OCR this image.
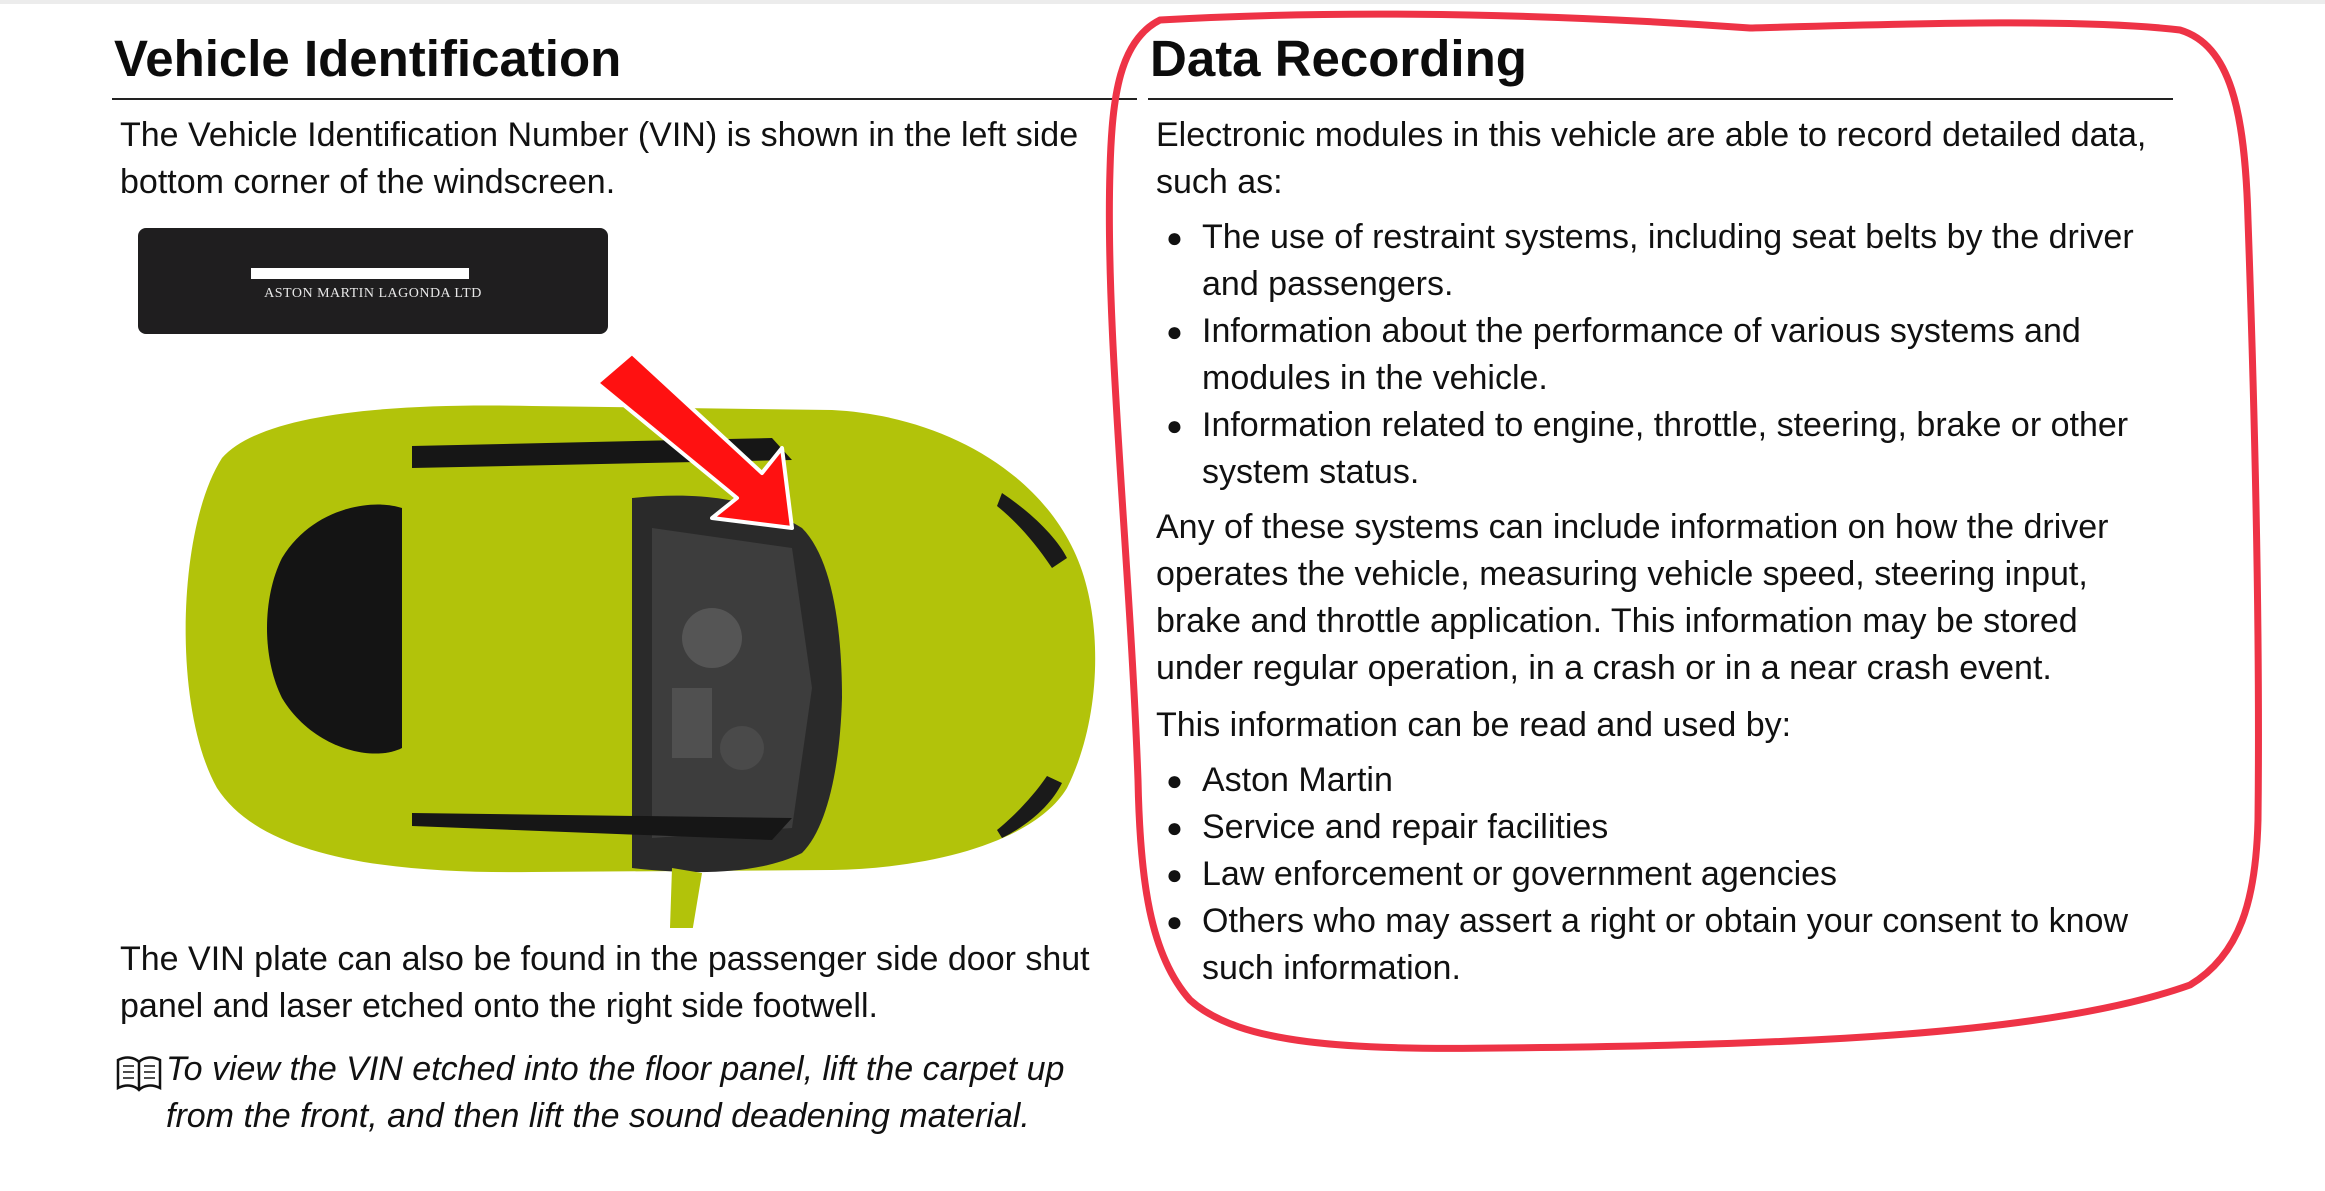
Vehicle Identification

The Vehicle Identification Number (VIN) is shown in the left side bottom corner of the windscreen.

ASTON MARTIN LAGONDA LTD

The VIN plate can also be found in the passenger side door shut panel and laser etched onto the right side footwell.

To view the VIN etched into the floor panel, lift the carpet up from the front, and then lift the sound deadening material.

Data Recording

Electronic modules in this vehicle are able to record detailed data, such as:

● The use of restraint systems, including seat belts by the driver and passengers.
● Information about the performance of various systems and modules in the vehicle.
● Information related to engine, throttle, steering, brake or other system status.

Any of these systems can include information on how the driver operates the vehicle, measuring vehicle speed, steering input, brake and throttle application. This information may be stored under regular operation, in a crash or in a near crash event.

This information can be read and used by:

● Aston Martin
● Service and repair facilities
● Law enforcement or government agencies
● Others who may assert a right or obtain your consent to know such information.
